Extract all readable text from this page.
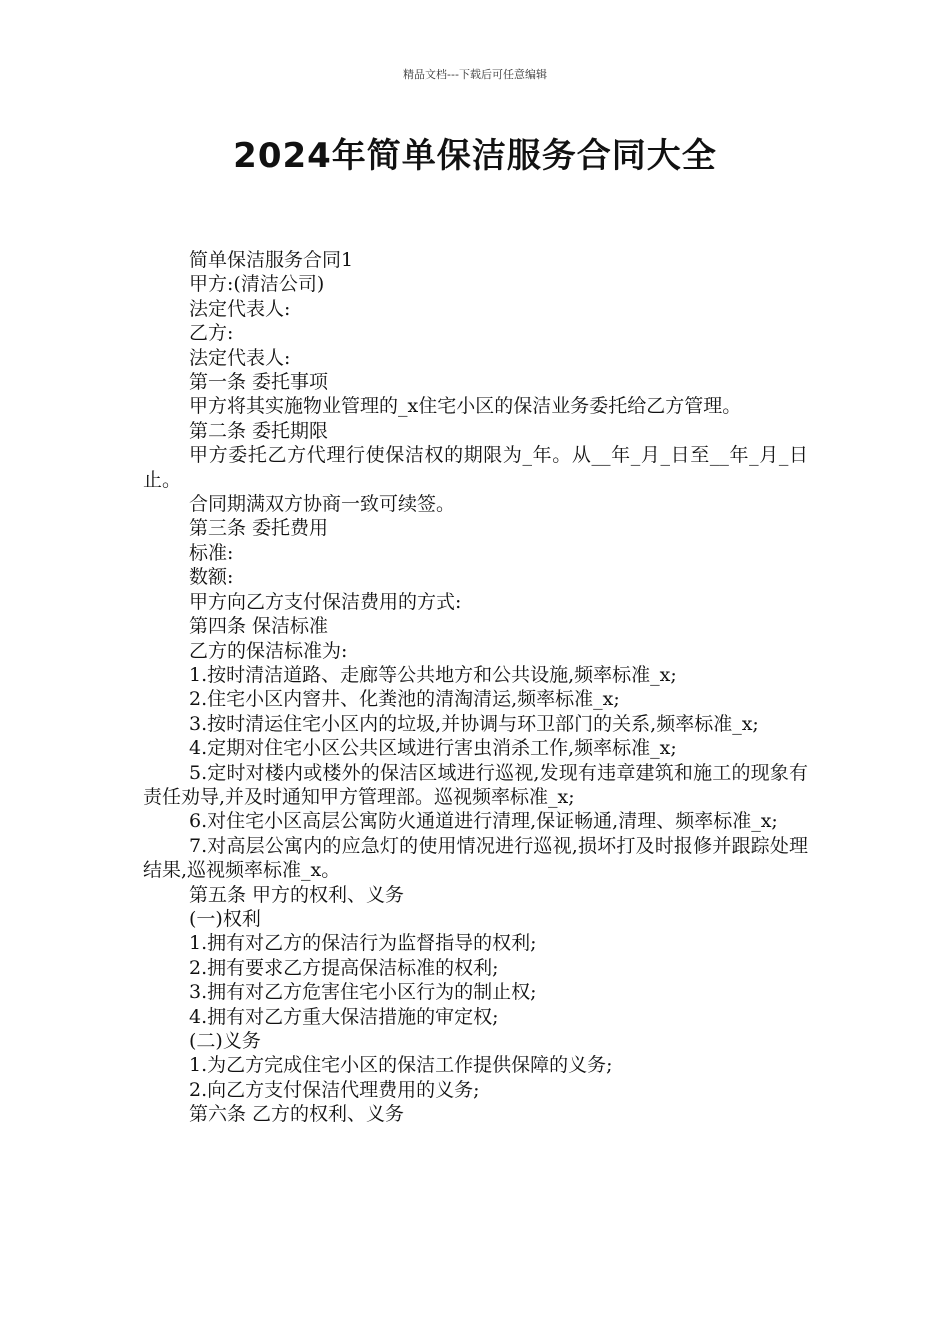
精品文档---下载后可任意编辑
2024年简单保洁服务合同大全

简单保洁服务合同1

甲方:(清洁公司)

法定代表人:

乙方:

法定代表人:

第一条 委托事项

甲方将其实施物业管理的_x住宅小区的保洁业务委托给乙方管理。

第二条 委托期限

甲方委托乙方代理行使保洁权的期限为_年。从__年_月_日至__年_月_日止。

合同期满双方协商一致可续签。

第三条 委托费用

标准:

数额:

甲方向乙方支付保洁费用的方式:

第四条 保洁标准

乙方的保洁标准为:

1.按时清洁道路、走廊等公共地方和公共设施,频率标准_x;

2.住宅小区内窨井、化粪池的清淘清运,频率标准_x;

3.按时清运住宅小区内的垃圾,并协调与环卫部门的关系,频率标准_x;

4.定期对住宅小区公共区域进行害虫消杀工作,频率标准_x;

5.定时对楼内或楼外的保洁区域进行巡视,发现有违章建筑和施工的现象有责任劝导,并及时通知甲方管理部。巡视频率标准_x;

6.对住宅小区高层公寓防火通道进行清理,保证畅通,清理、频率标准_x;

7.对高层公寓内的应急灯的使用情况进行巡视,损坏打及时报修并跟踪处理结果,巡视频率标准_x。

第五条 甲方的权利、义务

(一)权利

1.拥有对乙方的保洁行为监督指导的权利;

2.拥有要求乙方提高保洁标准的权利;

3.拥有对乙方危害住宅小区行为的制止权;

4.拥有对乙方重大保洁措施的审定权;

(二)义务

1.为乙方完成住宅小区的保洁工作提供保障的义务;

2.向乙方支付保洁代理费用的义务;

第六条 乙方的权利、义务
